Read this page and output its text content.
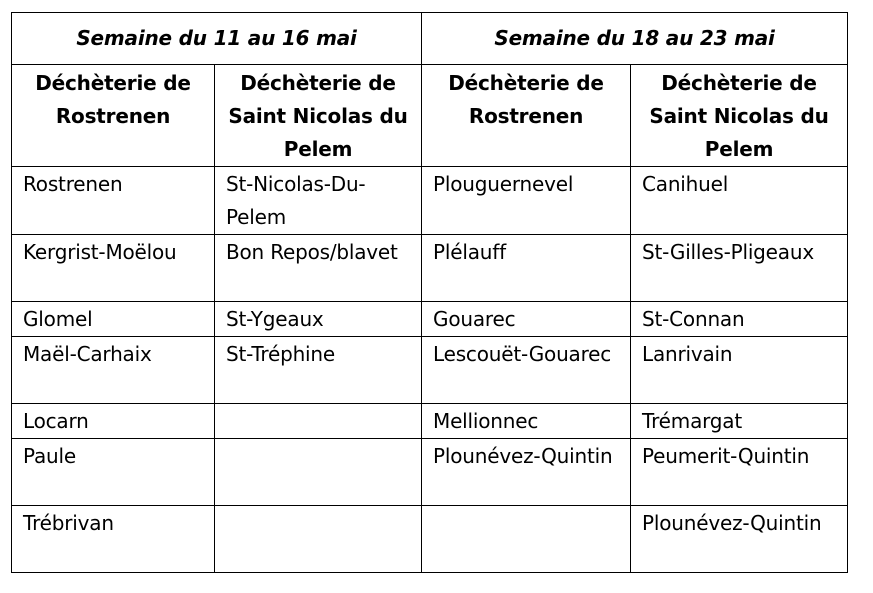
Semaine du 11 au 16 mai		Semaine du 18 au 23 mai	
Déchèterie de Rostrenen	Déchèterie de Saint Nicolas du Pelem	Déchèterie de Rostrenen	Déchèterie de Saint Nicolas du Pelem
Rostrenen	St-Nicolas-Du-Pelem	Plouguernevel	Canihuel
Kergrist-Moëlou	Bon Repos/blavet	Plélauff	St-Gilles-Pligeaux
Glomel	St-Ygeaux	Gouarec	St-Connan
Maël-Carhaix	St-Tréphine	Lescouët-Gouarec	Lanrivain
Locarn		Mellionnec	Trémargat
Paule		Plounévez-Quintin	Peumerit-Quintin
Trébrivan			Plounévez-Quintin
